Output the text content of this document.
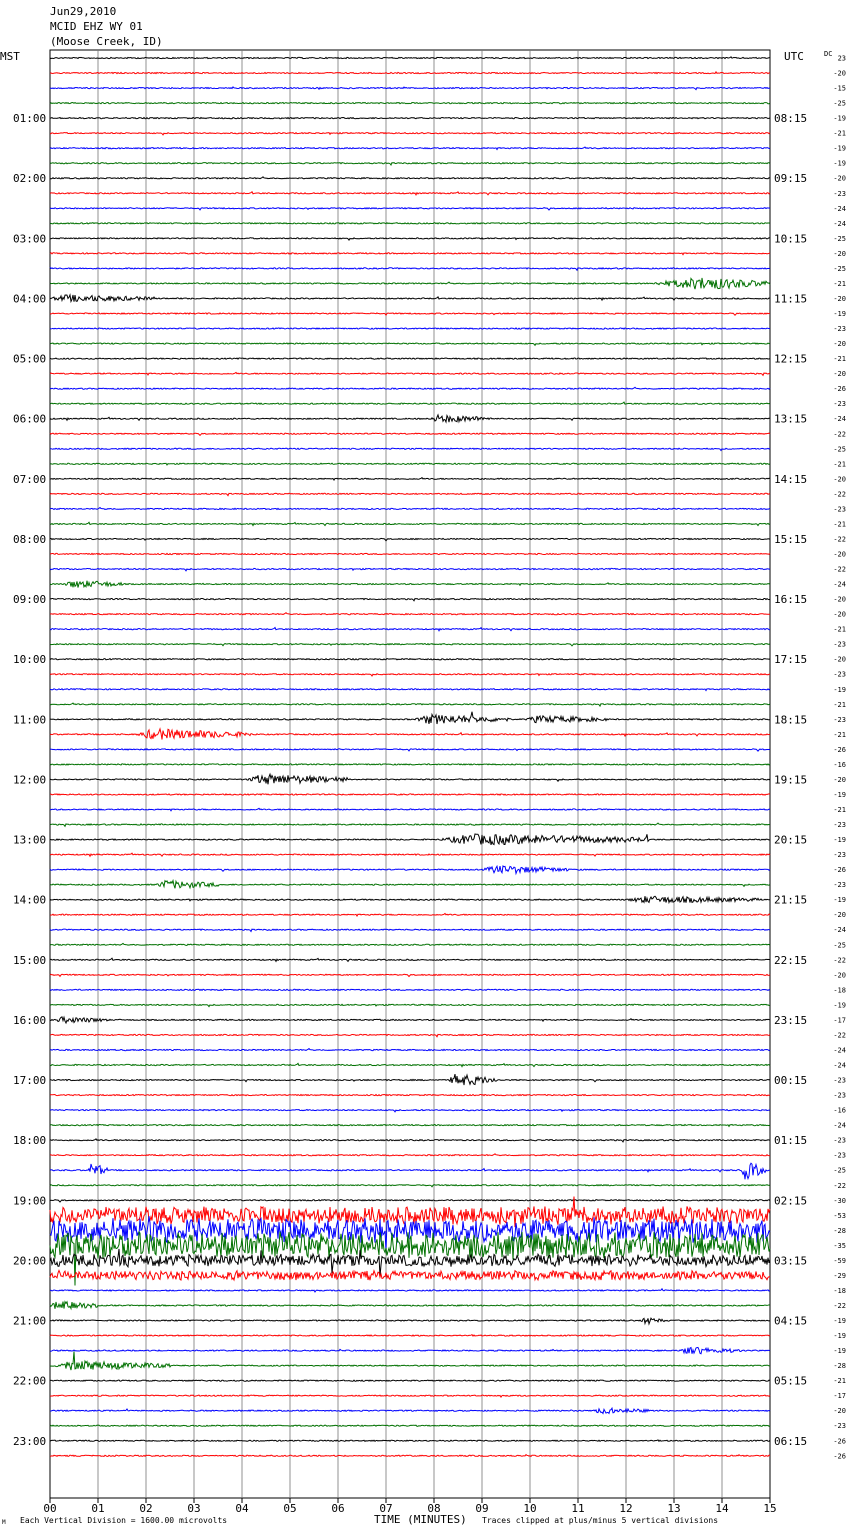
Jun29,2010
MCID EHZ WY 01
(Moose Creek, ID)
MST	UTC	DC
01:00
02:00
03:00
04:00
05:00
06:00
07:00
08:00
09:00
10:00
11:00
12:00
13:00
14:00
15:00
16:00
17:00
18:00
19:00
20:00
21:00
22:00
23:00
08:15
09:15
10:15
11:15
12:15
13:15
14:15
15:15
16:15
17:15
18:15
19:15
20:15
21:15
22:15
23:15
00:15
01:15
02:15
03:15
04:15
05:15
06:15
23
-20
-15
-25
-19
-21
-19
-19
-20
-23
-24
-24
-25
-20
-25
-21
-20
-19
-23
-20
-21
-20
-26
-23
-24
-22
-25
-21
-20
-22
-23
-21
-22
-20
-22
-24
-20
-20
-21
-23
-20
-23
-19
-21
-23
-21
-26
-16
-20
-19
-21
-23
-19
-23
-26
-23
-19
-20
-24
-25
-22
-20
-18
-19
-17
-22
-24
-24
-23
-23
-16
-24
-23
-23
-25
-22
-30
-53
-28
-35
-59
-29
-18
-22
-19
-19
-19
-28
-21
-17
-20
-23
-26
-26
00	01	02	03	04	05	06	07	08	09	10	11	12	13	14	15
M Each Vertical Division = 1600.00 microvolts	TIME (MINUTES) Traces clipped at plus/minus 5 vertical divisions
